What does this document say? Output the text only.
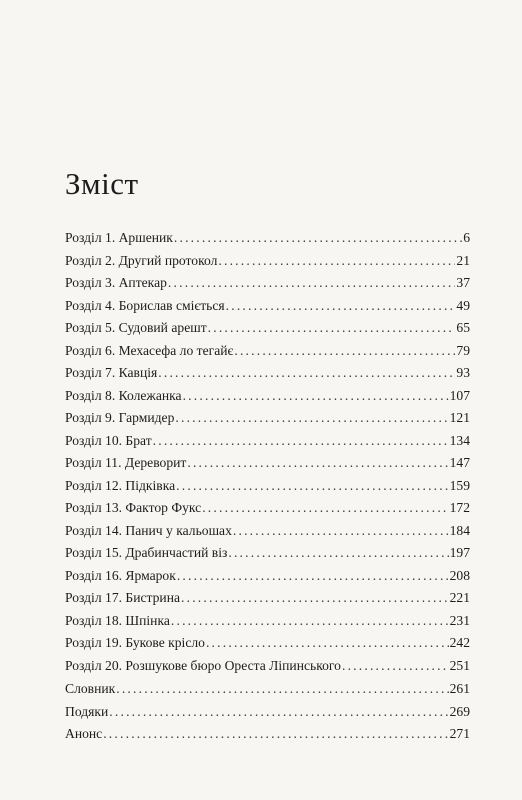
Зміст
Розділ 1. Аршеник .....	6
Розділ 2. Другий протокол .....	21
Розділ 3. Аптекар .....	37
Розділ 4. Борислав сміється .....	49
Розділ 5. Судовий арешт .....	65
Розділ 6. Мехасефа ло тегайє .....	79
Розділ 7. Кавція .....	93
Розділ 8. Колежанка .....	107
Розділ 9. Гармидер .....	121
Розділ 10. Брат .....	134
Розділ 11. Дереворит .....	147
Розділ 12. Підківка .....	159
Розділ 13. Фактор Фукс .....	172
Розділ 14. Панич у кальошах .....	184
Розділ 15. Драбинчастий віз .....	197
Розділ 16. Ярмарок .....	208
Розділ 17. Бистрина .....	221
Розділ 18. Шпінка .....	231
Розділ 19. Букове крісло .....	242
Розділ 20. Розшукове бюро Ореста Ліпинського .....	251
Словник .....	261
Подяки .....	269
Анонс .....	271
